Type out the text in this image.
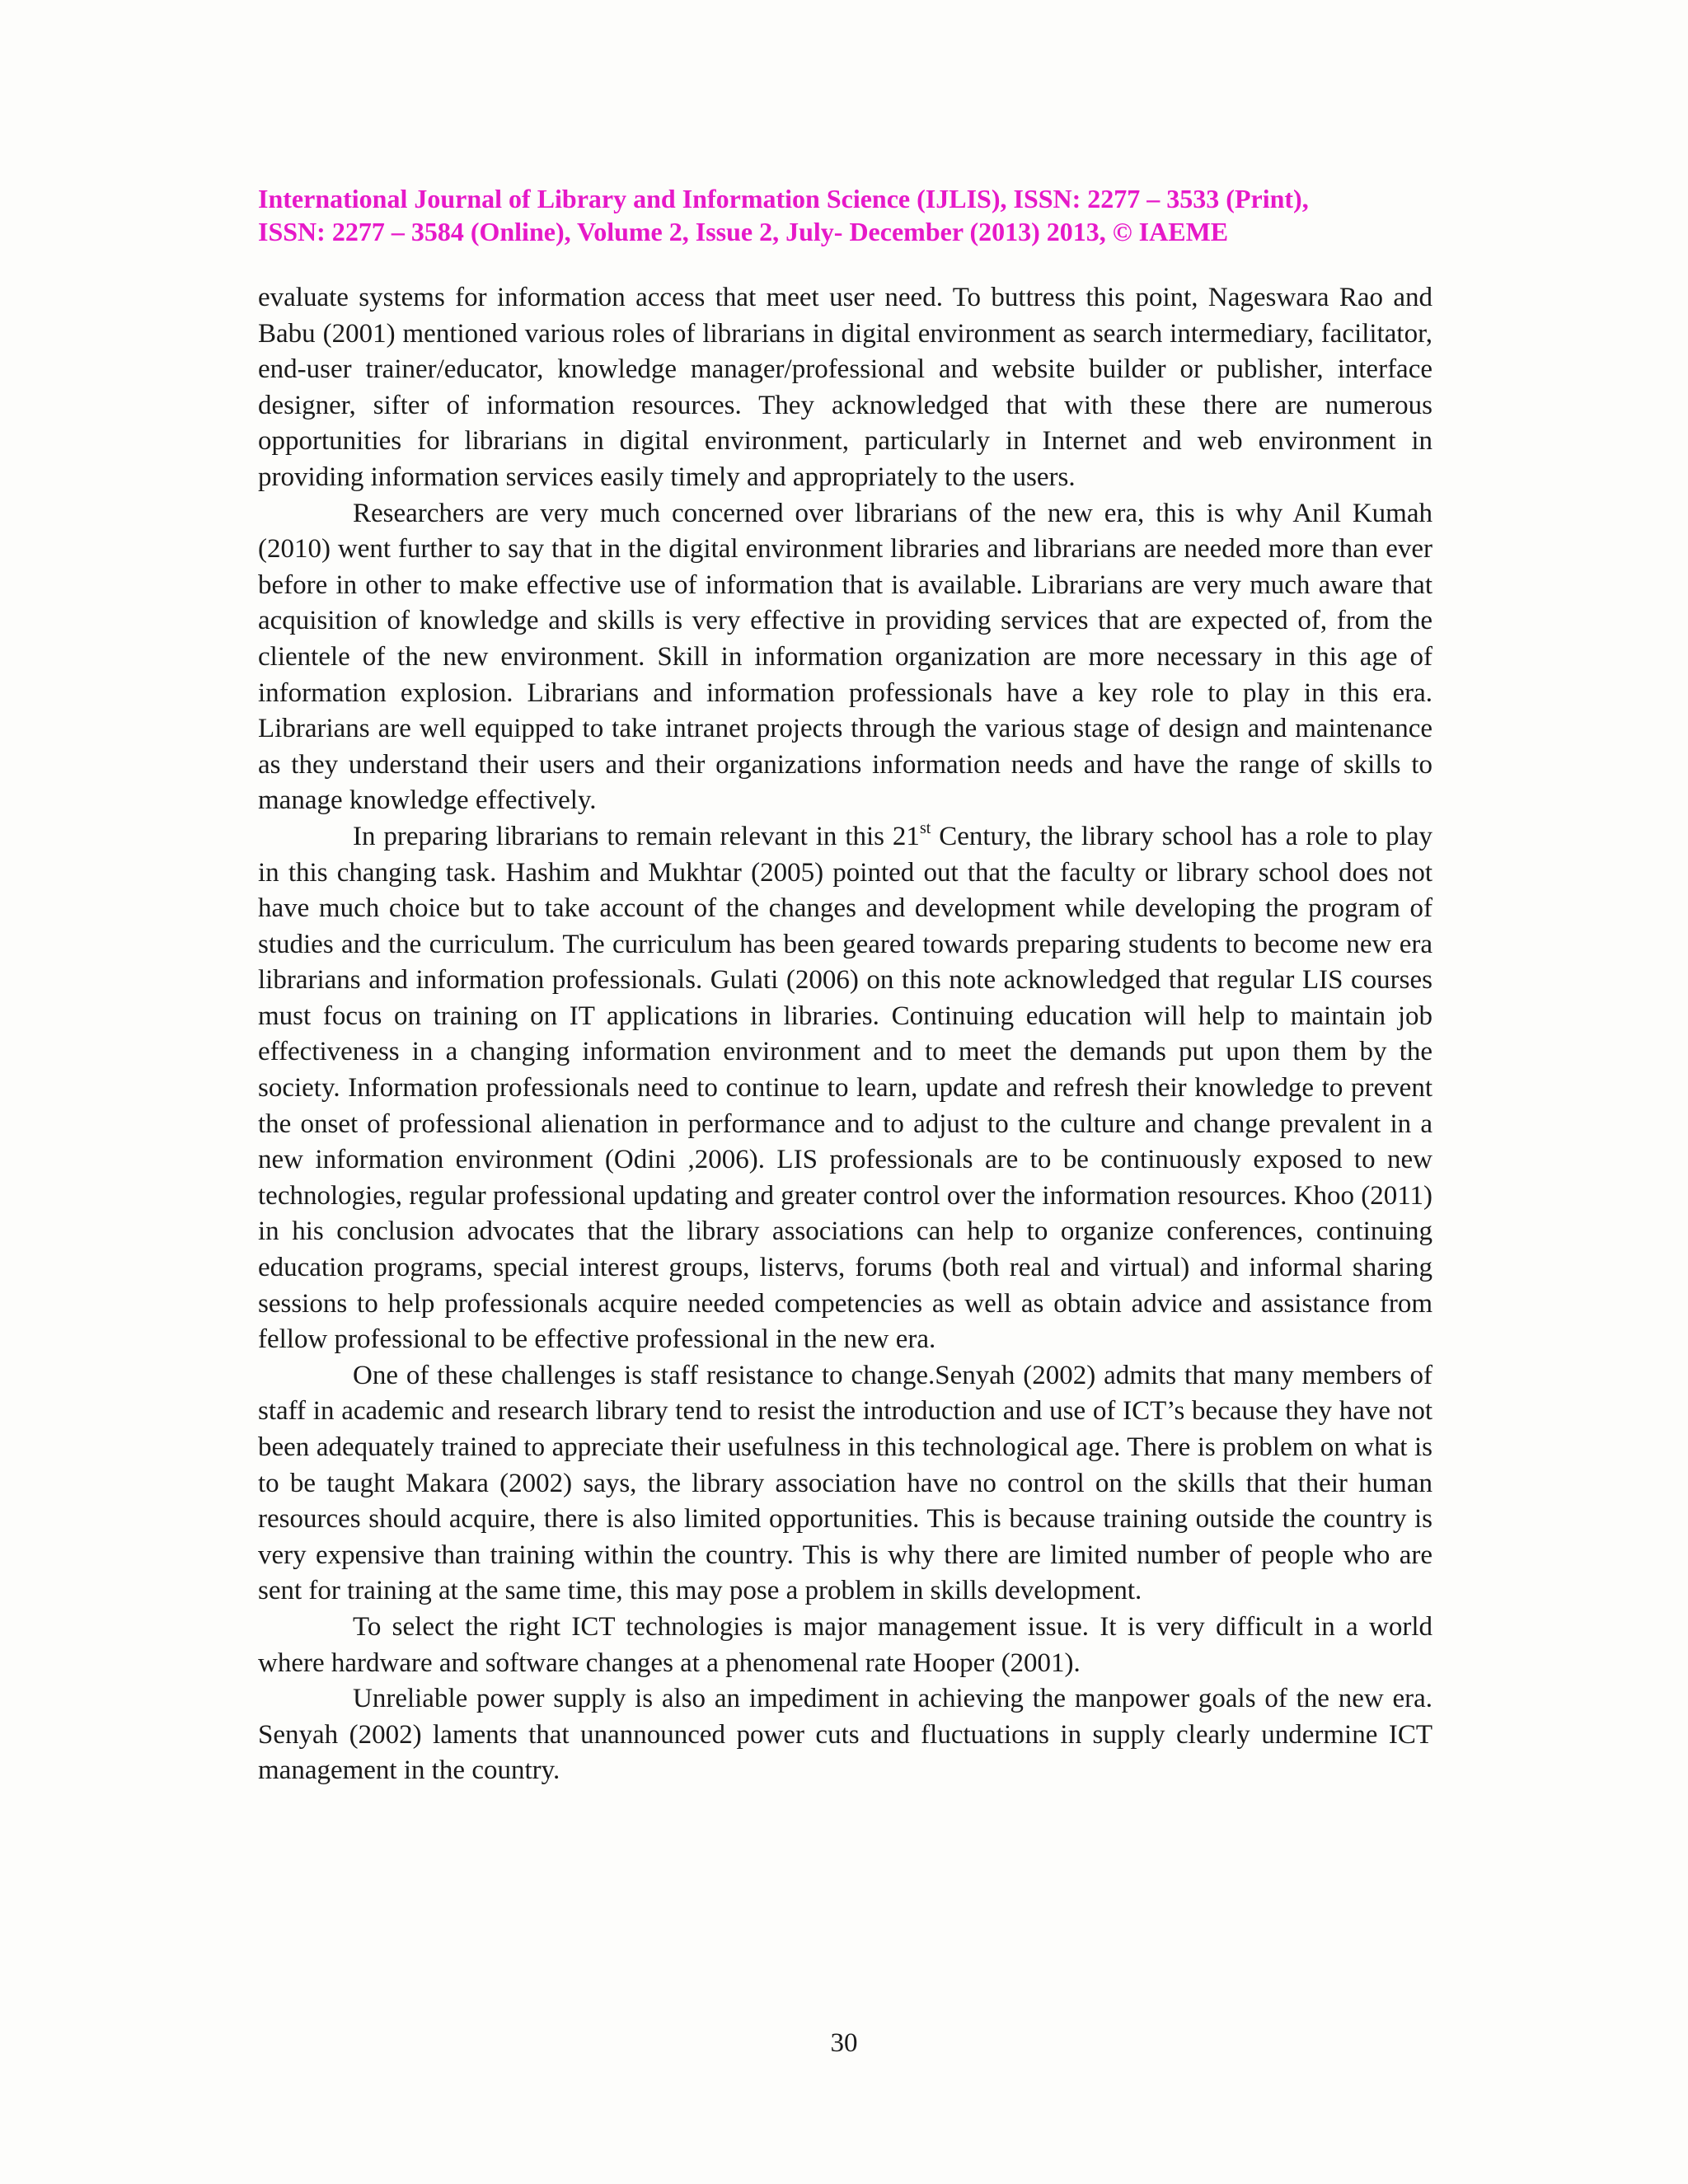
International Journal of Library and Information Science (IJLIS), ISSN: 2277 – 3533 (Print),
ISSN: 2277 – 3584 (Online), Volume 2, Issue 2, July- December (2013) 2013, © IAEME

evaluate systems for information access that meet user need. To buttress this point, Nageswara Rao and Babu (2001) mentioned various roles of librarians in digital environment as search intermediary, facilitator, end-user trainer/educator, knowledge manager/professional and website builder or publisher, interface designer, sifter of information resources. They acknowledged that with these there are numerous opportunities for librarians in digital environment, particularly in Internet and web environment in providing information services easily timely and appropriately to the users.

Researchers are very much concerned over librarians of the new era, this is why Anil Kumah (2010) went further to say that in the digital environment libraries and librarians are needed more than ever before in other to make effective use of information that is available. Librarians are very much aware that acquisition of knowledge and skills is very effective in providing services that are expected of, from the clientele of the new environment. Skill in information organization are more necessary in this age of information explosion. Librarians and information professionals have a key role to play in this era. Librarians are well equipped to take intranet projects through the various stage of design and maintenance as they understand their users and their organizations information needs and have the range of skills to manage knowledge effectively.

In preparing librarians to remain relevant in this 21st Century, the library school has a role to play in this changing task. Hashim and Mukhtar (2005) pointed out that the faculty or library school does not have much choice but to take account of the changes and development while developing the program of studies and the curriculum. The curriculum has been geared towards preparing students to become new era librarians and information professionals. Gulati (2006) on this note acknowledged that regular LIS courses must focus on training on IT applications in libraries. Continuing education will help to maintain job effectiveness in a changing information environment and to meet the demands put upon them by the society. Information professionals need to continue to learn, update and refresh their knowledge to prevent the onset of professional alienation in performance and to adjust to the culture and change prevalent in a new information environment (Odini ,2006). LIS professionals are to be continuously exposed to new technologies, regular professional updating and greater control over the information resources. Khoo (2011) in his conclusion advocates that the library associations can help to organize conferences, continuing education programs, special interest groups, listervs, forums (both real and virtual) and informal sharing sessions to help professionals acquire needed competencies as well as obtain advice and assistance from fellow professional to be effective professional in the new era.

One of these challenges is staff resistance to change.Senyah (2002) admits that many members of staff in academic and research library tend to resist the introduction and use of ICT’s because they have not been adequately trained to appreciate their usefulness in this technological age. There is problem on what is to be taught Makara (2002) says, the library association have no control on the skills that their human resources should acquire, there is also limited opportunities. This is because training outside the country is very expensive than training within the country. This is why there are limited number of people who are sent for training at the same time, this may pose a problem in skills development.

To select the right ICT technologies is major management issue. It is very difficult in a world where hardware and software changes at a phenomenal rate Hooper (2001).

Unreliable power supply is also an impediment in achieving the manpower goals of the new era. Senyah (2002) laments that unannounced power cuts and fluctuations in supply clearly undermine ICT management in the country.

30
